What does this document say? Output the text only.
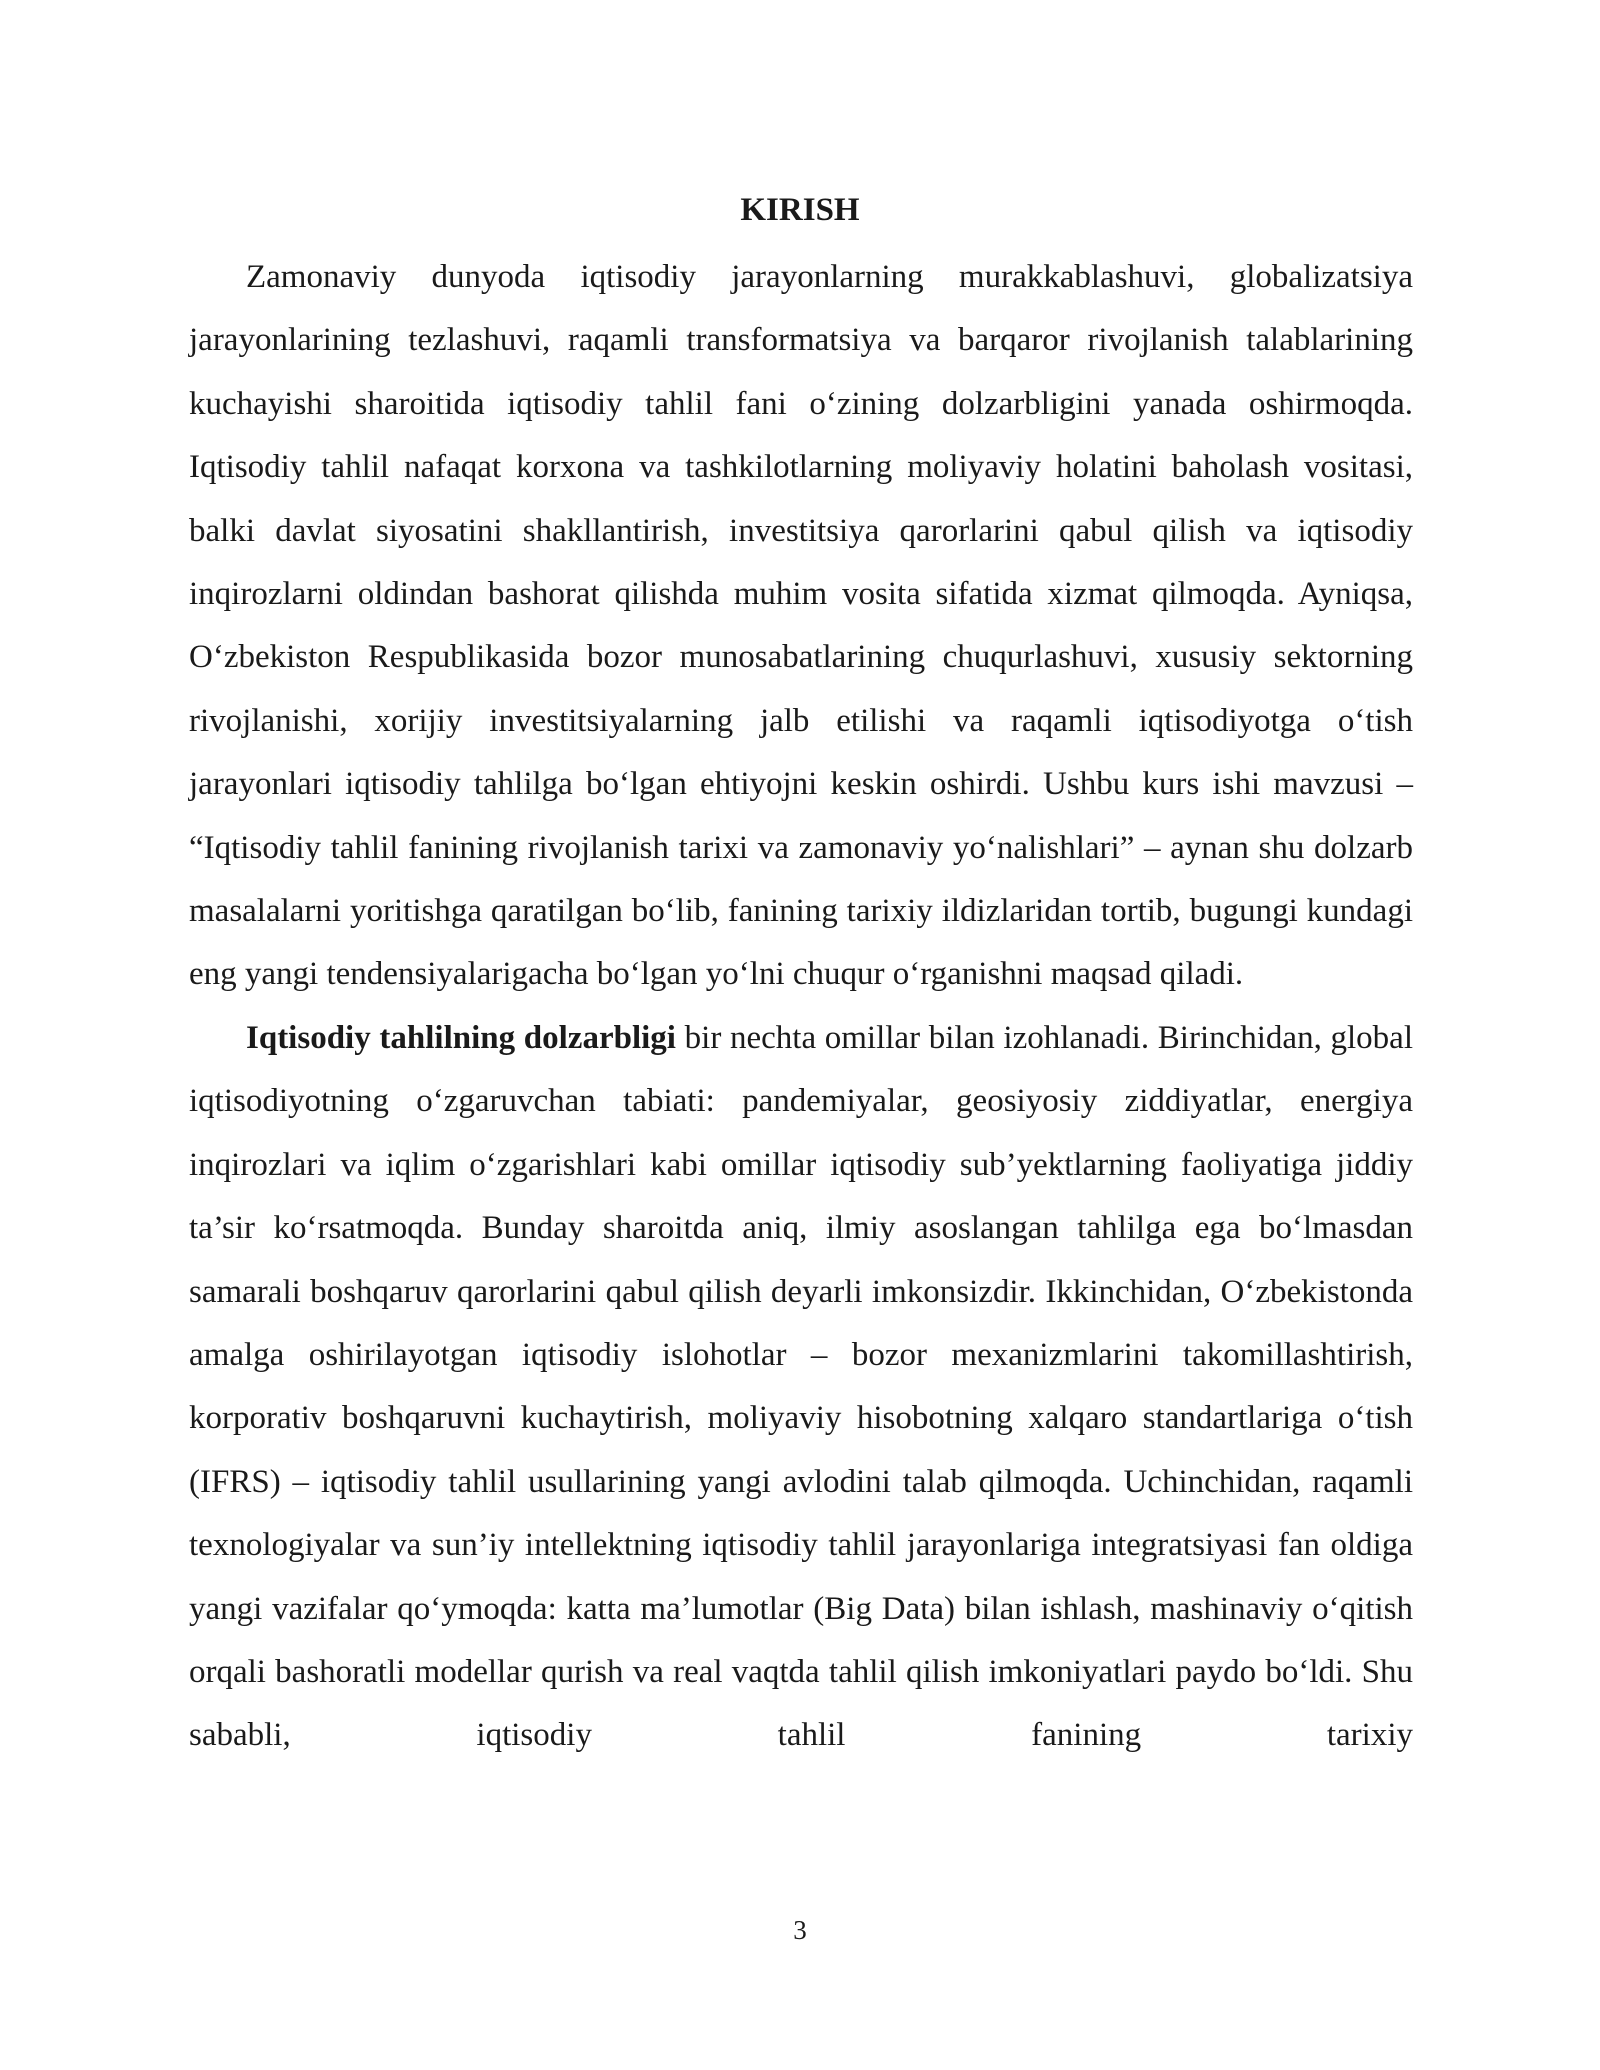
KIRISH

Zamonaviy dunyoda iqtisodiy jarayonlarning murakkablashuvi, globalizatsiya jarayonlarining tezlashuvi, raqamli transformatsiya va barqaror rivojlanish talablarining kuchayishi sharoitida iqtisodiy tahlil fani o‘zining dolzarbligini yanada oshirmoqda. Iqtisodiy tahlil nafaqat korxona va tashkilotlarning moliyaviy holatini baholash vositasi, balki davlat siyosatini shakllantirish, investitsiya qarorlarini qabul qilish va iqtisodiy inqirozlarni oldindan bashorat qilishda muhim vosita sifatida xizmat qilmoqda. Ayniqsa, O‘zbekiston Respublikasida bozor munosabatlarining chuqurlashuvi, xususiy sektorning rivojlanishi, xorijiy investitsiyalarning jalb etilishi va raqamli iqtisodiyotga o‘tish jarayonlari iqtisodiy tahlilga bo‘lgan ehtiyojni keskin oshirdi. Ushbu kurs ishi mavzusi – “Iqtisodiy tahlil fanining rivojlanish tarixi va zamonaviy yo‘nalishlari” – aynan shu dolzarb masalalarni yoritishga qaratilgan bo‘lib, fanining tarixiy ildizlaridan tortib, bugungi kundagi eng yangi tendensiyalarigacha bo‘lgan yo‘lni chuqur o‘rganishni maqsad qiladi.

Iqtisodiy tahlilning dolzarbligi bir nechta omillar bilan izohlanadi. Birinchidan, global iqtisodiyotning o‘zgaruvchan tabiati: pandemiyalar, geosiyosiy ziddiyatlar, energiya inqirozlari va iqlim o‘zgarishlari kabi omillar iqtisodiy sub’yektlarning faoliyatiga jiddiy ta’sir ko‘rsatmoqda. Bunday sharoitda aniq, ilmiy asoslangan tahlilga ega bo‘lmasdan samarali boshqaruv qarorlarini qabul qilish deyarli imkonsizdir. Ikkinchidan, O‘zbekistonda amalga oshirilayotgan iqtisodiy islohotlar – bozor mexanizmlarini takomillashtirish, korporativ boshqaruvni kuchaytirish, moliyaviy hisobotning xalqaro standartlariga o‘tish (IFRS) – iqtisodiy tahlil usullarining yangi avlodini talab qilmoqda. Uchinchidan, raqamli texnologiyalar va sun’iy intellektning iqtisodiy tahlil jarayonlariga integratsiyasi fan oldiga yangi vazifalar qo‘ymoqda: katta ma’lumotlar (Big Data) bilan ishlash, mashinaviy o‘qitish orqali bashoratli modellar qurish va real vaqtda tahlil qilish imkoniyatlari paydo bo‘ldi. Shu sababli, iqtisodiy tahlil fanining tarixiy

3
